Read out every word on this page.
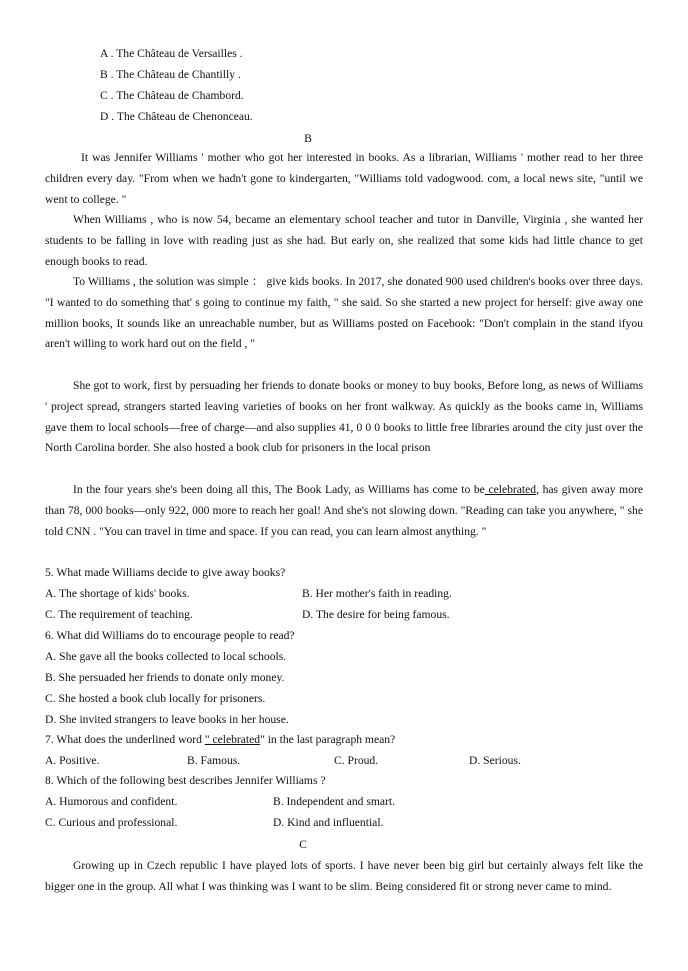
A . The Château de Versailles .
B . The Château de Chantilly .
C . The Château de Chambord.
D . The Château de Chenonceau.
B
It was Jennifer Williams ' mother who got her interested in books. As a librarian, Williams ' mother read to her three children every day. "From when we hadn't gone to kindergarten, "Williams told vadogwood. com, a local news site, "until we went to college. "
When Williams , who is now 54, became an elementary school teacher and tutor in Danville, Virginia , she wanted her students to be falling in love with reading just as she had. But early on, she realized that some kids had little chance to get enough books to read.
To Williams , the solution was simple ： give kids books. In 2017, she donated 900 used children's books over three days. "I wanted to do something that' s going to continue my faith, " she said. So she started a new project for herself: give away one million books, It sounds like an unreachable number, but as Williams posted on Facebook: "Don't complain in the stand ifyou aren't willing to work hard out on the field , "
She got to work, first by persuading her friends to donate books or money to buy books, Before long, as news of Williams ' project spread, strangers started leaving varieties of books on her front walkway. As quickly as the books came in, Williams gave them to local schools—free of charge—and also supplies 41, 0 0 0 books to little free libraries around the city just over the North Carolina border. She also hosted a book club for prisoners in the local prison
In the four years she's been doing all this, The Book Lady, as Williams has come to be celebrated, has given away more than 78, 000 books—only 922, 000 more to reach her goal! And she's not slowing down. "Reading can take you anywhere, " she told CNN . "You can travel in time and space. If you can read, you can learn almost anything. "
5. What made Williams decide to give away books?
A. The shortage of kids' books.	B. Her mother's faith in reading.
C. The requirement of teaching.	D. The desire for being famous.
6. What did Williams do to encourage people to read?
A. She gave all the books collected to local schools.
B. She persuaded her friends to donate only money.
C. She hosted a book club locally for prisoners.
D. She invited strangers to leave books in her house.
7. What does the underlined word " celebrated" in the last paragraph mean?
A. Positive.	B. Famous.	C. Proud.	D. Serious.
8. Which of the following best describes Jennifer Williams ?
A. Humorous and confident.	B. Independent and smart.
C. Curious and professional.	D. Kind and influential.
C
Growing up in Czech republic I have played lots of sports. I have never been big girl but certainly always felt like the bigger one in the group. All what I was thinking was I want to be slim. Being considered fit or strong never came to mind.
